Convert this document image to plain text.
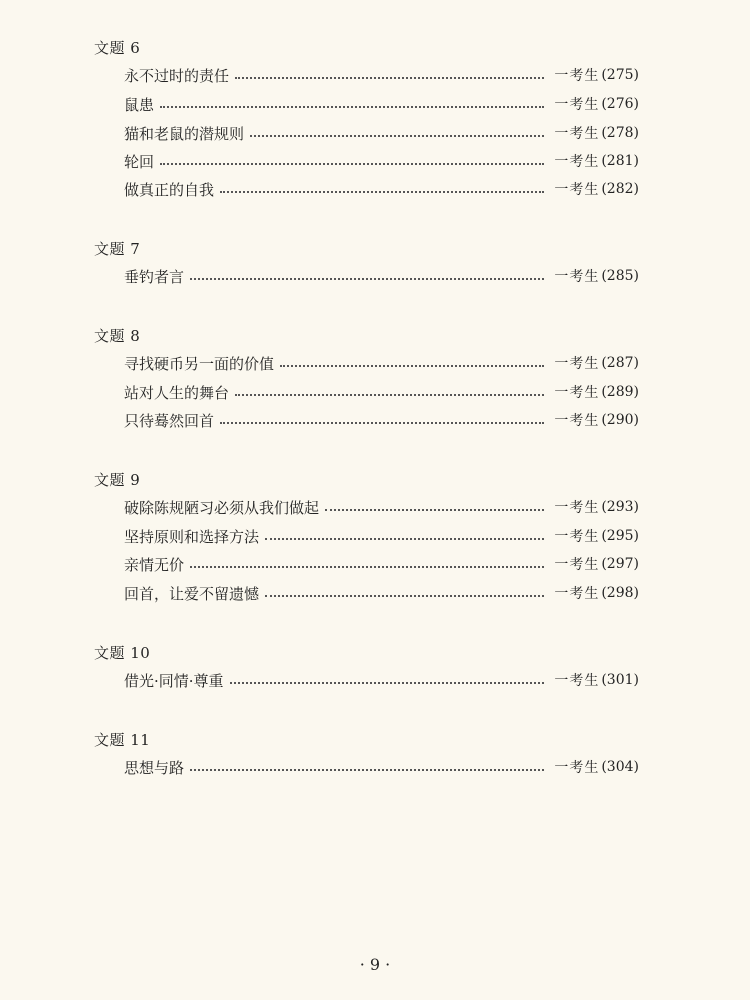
文题 6
永不过时的责任	一考生 (275)
鼠患	一考生 (276)
猫和老鼠的潜规则	一考生 (278)
轮回	一考生 (281)
做真正的自我	一考生 (282)
文题 7
垂钓者言	一考生 (285)
文题 8
寻找硬币另一面的价值	一考生 (287)
站对人生的舞台	一考生 (289)
只待蓦然回首	一考生 (290)
文题 9
破除陈规陋习必须从我们做起	一考生 (293)
坚持原则和选择方法	一考生 (295)
亲情无价	一考生 (297)
回首，让爱不留遗憾	一考生 (298)
文题 10
借光·同情·尊重	一考生 (301)
文题 11
思想与路	一考生 (304)
· 9 ·
